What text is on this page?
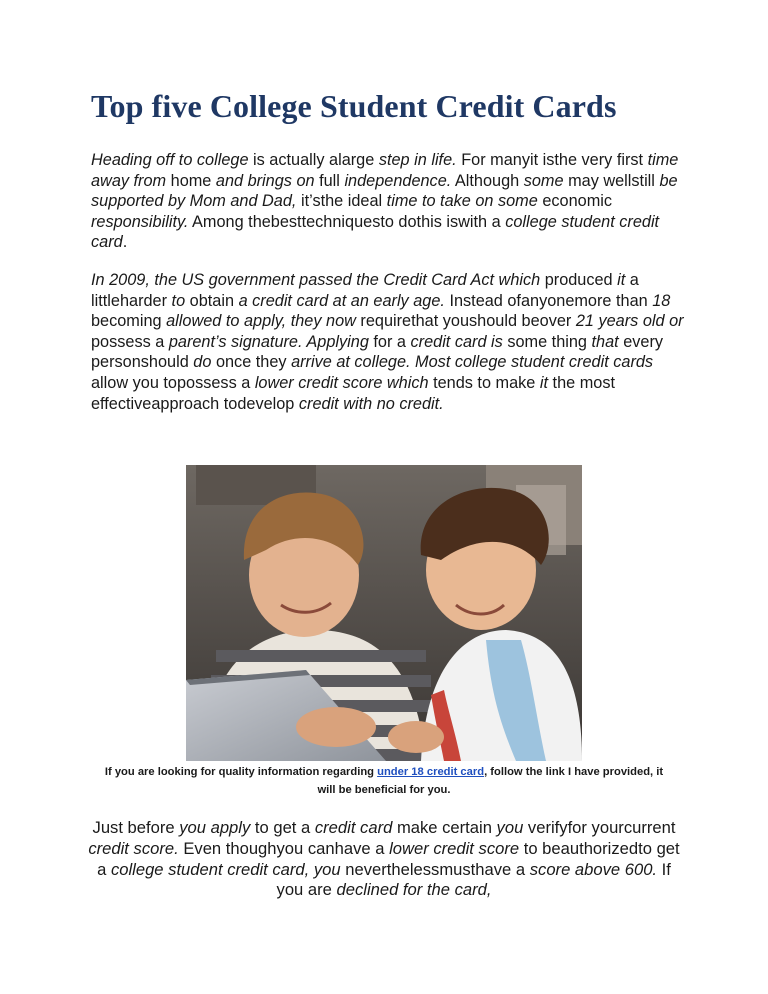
Top five College Student Credit Cards

Heading off to college is actually alarge step in life. For manyit isthe very first time away from home and brings on full independence. Although some may wellstill be supported by Mom and Dad, it’sthe ideal time to take on some economic responsibility. Among thebesttechniquesto dothis iswith a college student credit card.

In 2009, the US government passed the Credit Card Act which produced it a littleharder to obtain a credit card at an early age. Instead ofanyonemore than 18 becoming allowed to apply, they now requirethat youshould beover 21 years old or possess a parent’s signature. Applying for a credit card is some thing that every personshould do once they arrive at college. Most college student credit cards allow you topossess a lower credit score which tends to make it the most effectiveapproach todevelop credit with no credit.

If you are looking for quality information regarding under 18 credit card, follow the link I have provided, it will be beneficial for you.

Just before you apply to get a credit card make certain you verifyfor yourcurrent credit score. Even thoughyou canhave a lower credit score to beauthorizedto get a college student credit card, you neverthelessmusthave a score above 600. If you are declined for the card,
